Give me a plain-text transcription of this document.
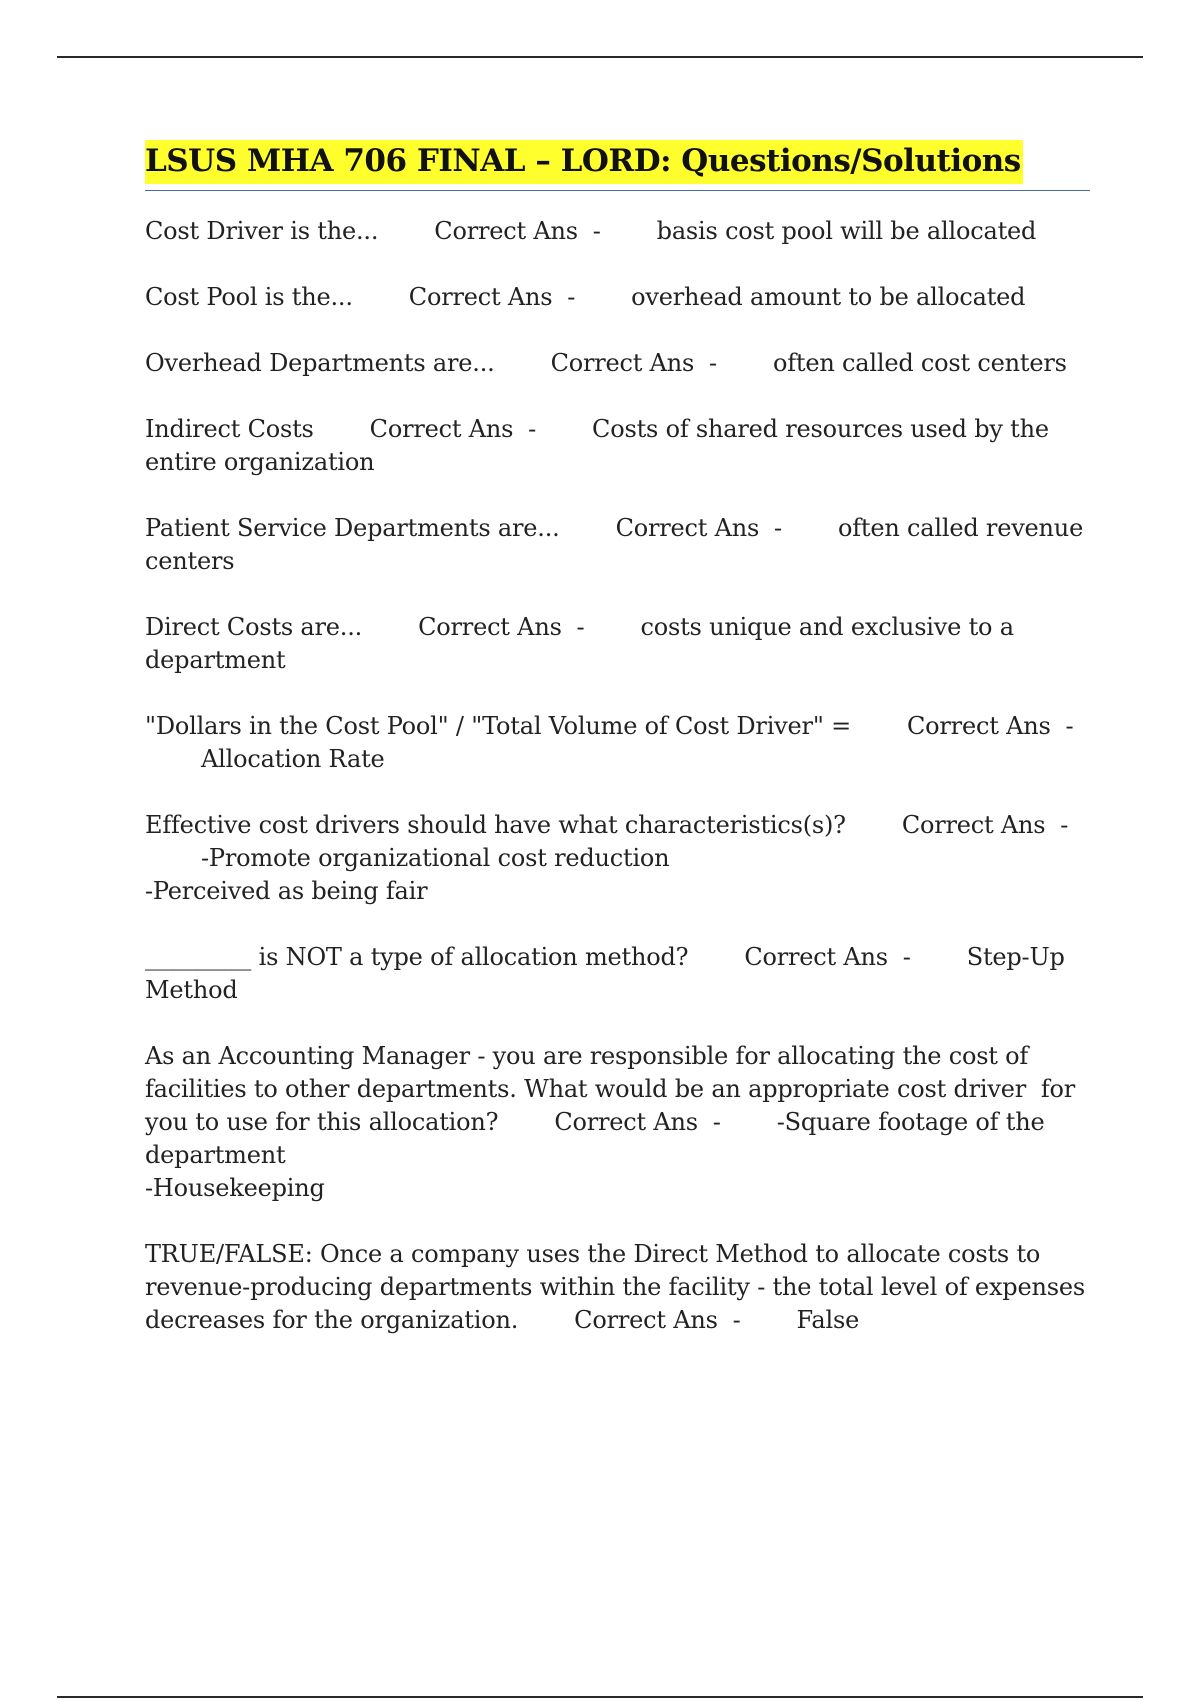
LSUS MHA 706 FINAL – LORD: Questions/Solutions
Cost Driver is the... Correct Ans  - basis cost pool will be allocated
Cost Pool is the... Correct Ans  - overhead amount to be allocated
Overhead Departments are... Correct Ans  - often called cost centers
Indirect Costs Correct Ans  - Costs of shared resources used by the entire organization
Patient Service Departments are... Correct Ans  - often called revenue centers
Direct Costs are... Correct Ans  - costs unique and exclusive to a department
"Dollars in the Cost Pool" / "Total Volume of Cost Driver" = Correct Ans  -Allocation Rate
Effective cost drivers should have what characteristics(s)? Correct Ans  --Promote organizational cost reduction
-Perceived as being fair
_________ is NOT a type of allocation method? Correct Ans  - Step-Up Method
As an Accounting Manager - you are responsible for allocating the cost of facilities to other departments. What would be an appropriate cost driver  for you to use for this allocation? Correct Ans  - -Square footage of the department
-Housekeeping
TRUE/FALSE: Once a company uses the Direct Method to allocate costs to revenue-producing departments within the facility - the total level of expenses decreases for the organization. Correct Ans  - False
